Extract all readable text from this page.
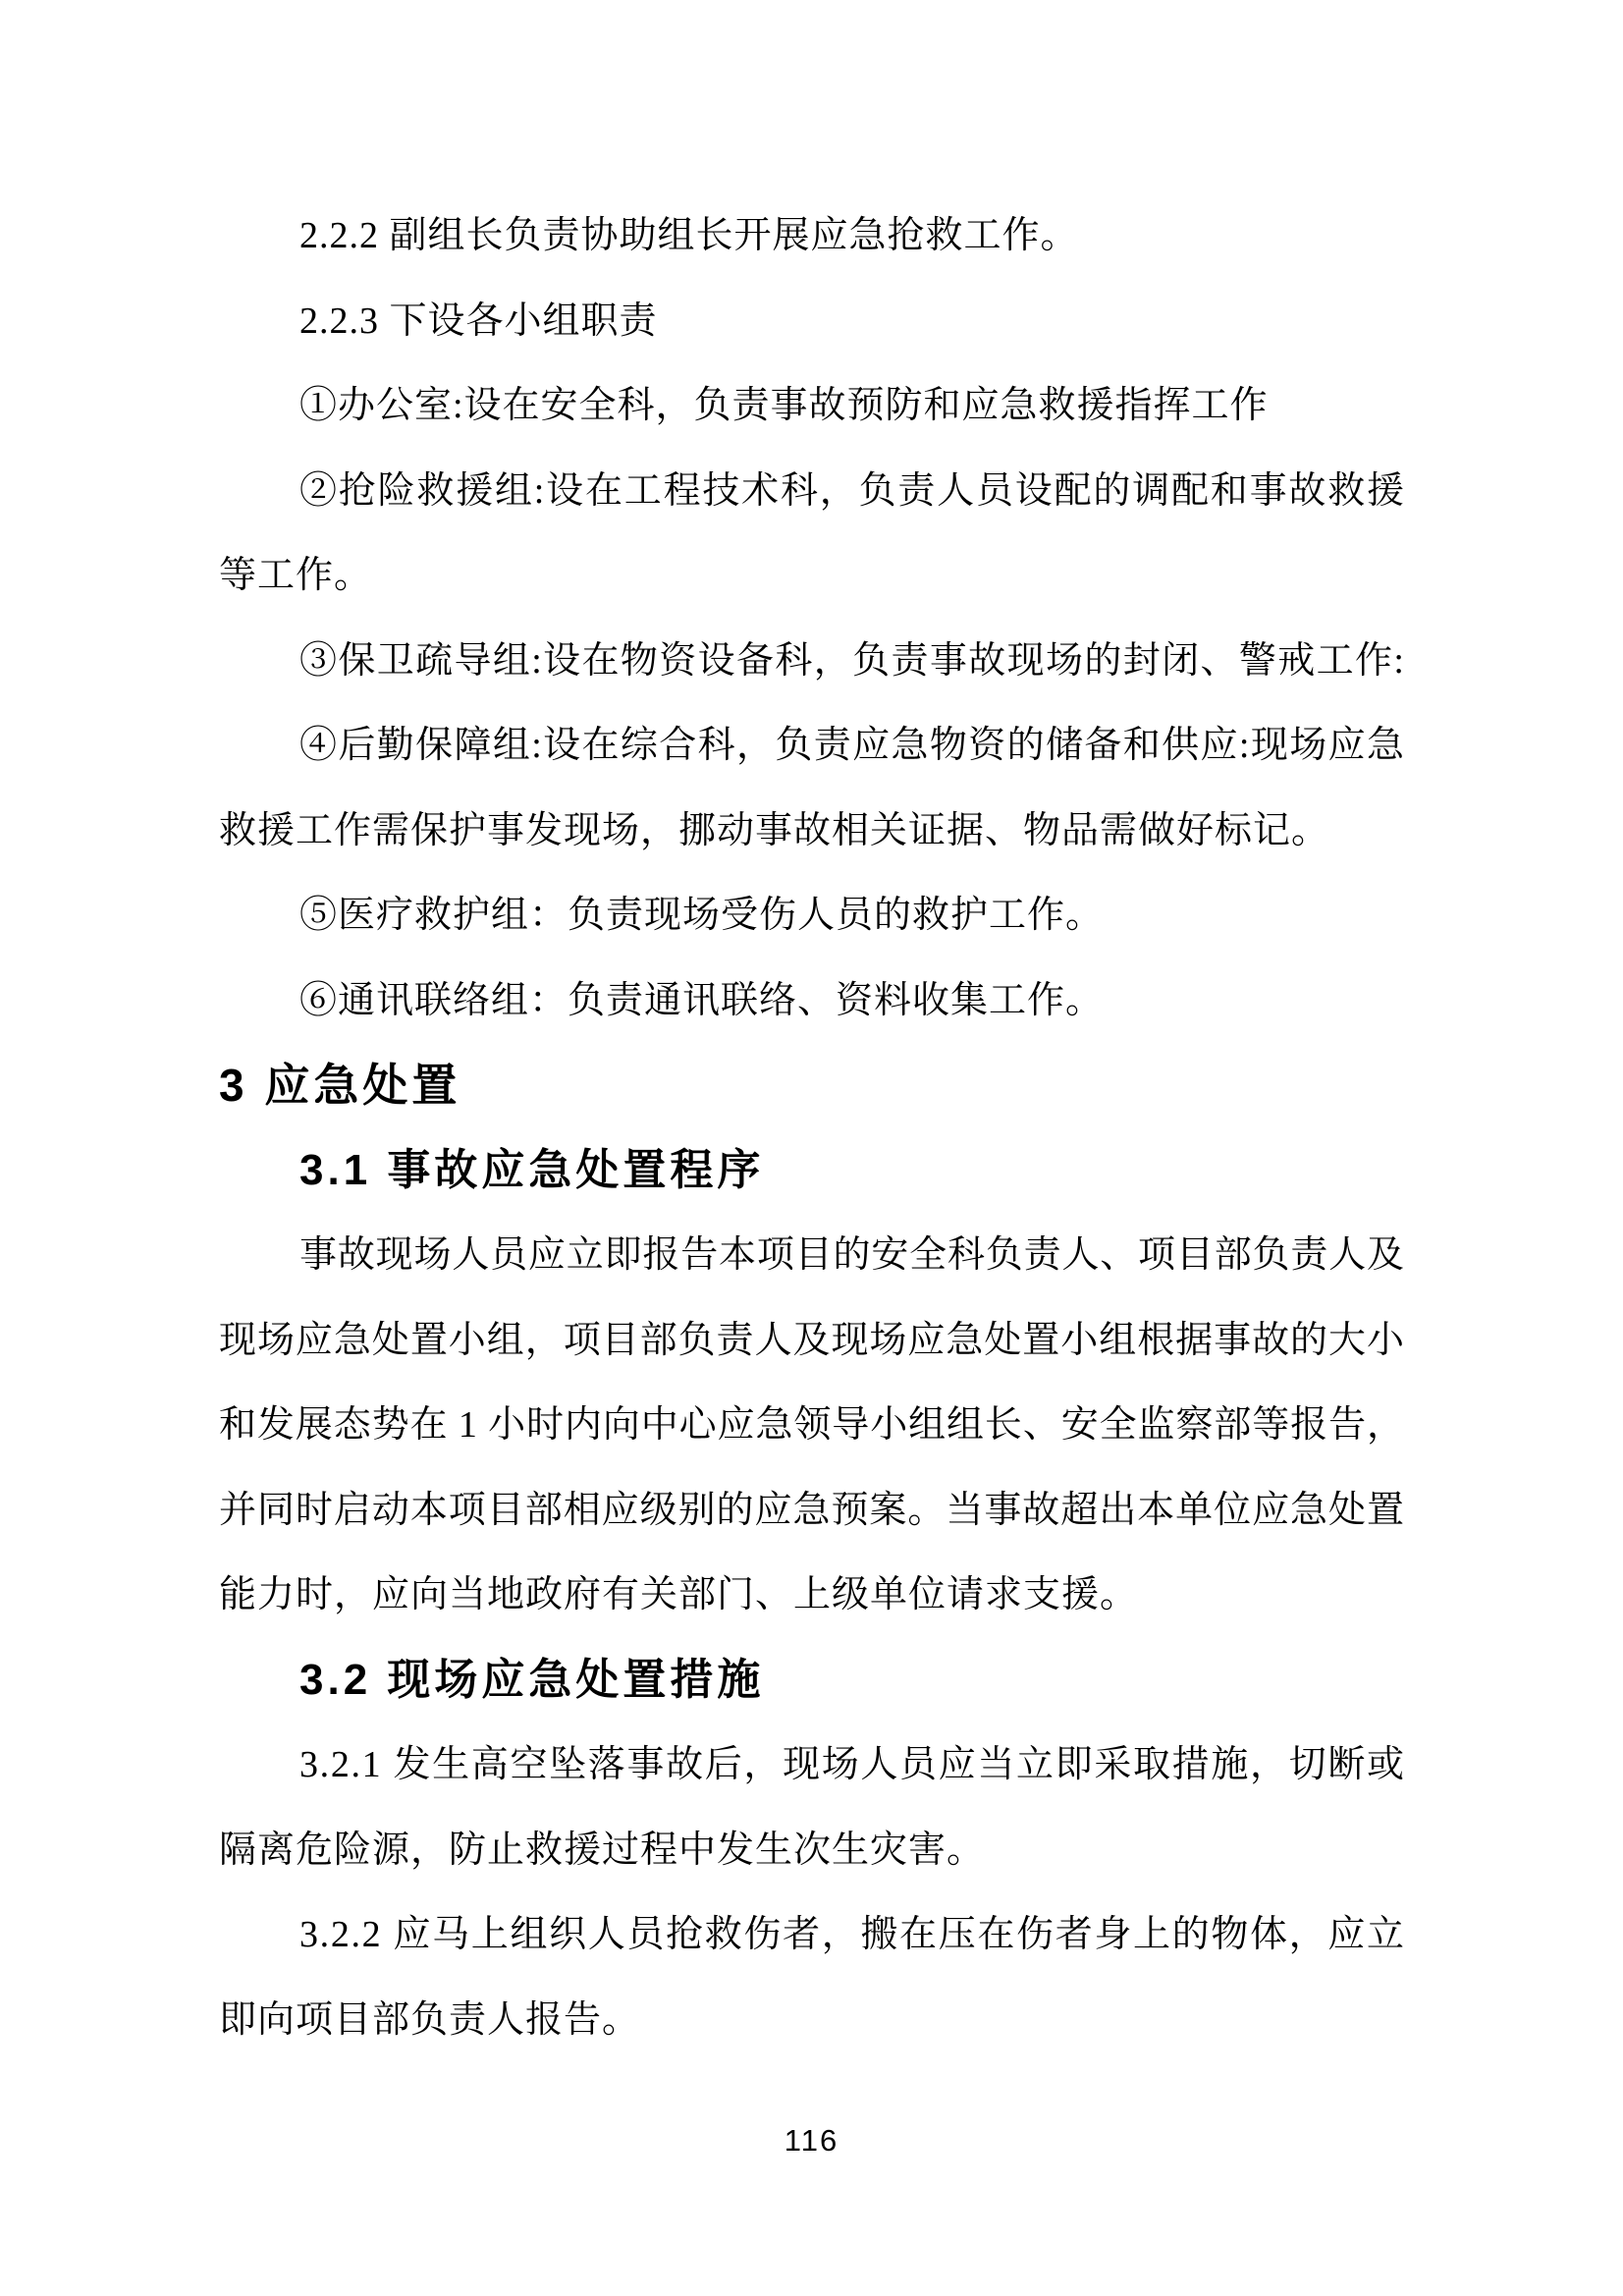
2.2.2 副组长负责协助组长开展应急抢救工作。
2.2.3 下设各小组职责
①办公室:设在安全科，负责事故预防和应急救援指挥工作
②抢险救援组:设在工程技术科，负责人员设配的调配和事故救援
等工作。
③保卫疏导组:设在物资设备科，负责事故现场的封闭、警戒工作:
④后勤保障组:设在综合科，负责应急物资的储备和供应:现场应急
救援工作需保护事发现场，挪动事故相关证据、物品需做好标记。
⑤医疗救护组：负责现场受伤人员的救护工作。
⑥通讯联络组：负责通讯联络、资料收集工作。
3 应急处置
3.1 事故应急处置程序
事故现场人员应立即报告本项目的安全科负责人、项目部负责人及
现场应急处置小组，项目部负责人及现场应急处置小组根据事故的大小
和发展态势在 1 小时内向中心应急领导小组组长、安全监察部等报告，
并同时启动本项目部相应级别的应急预案。当事故超出本单位应急处置
能力时，应向当地政府有关部门、上级单位请求支援。
3.2 现场应急处置措施
3.2.1 发生高空坠落事故后，现场人员应当立即采取措施，切断或
隔离危险源，防止救援过程中发生次生灾害。
3.2.2 应马上组织人员抢救伤者，搬在压在伤者身上的物体，应立
即向项目部负责人报告。
116
